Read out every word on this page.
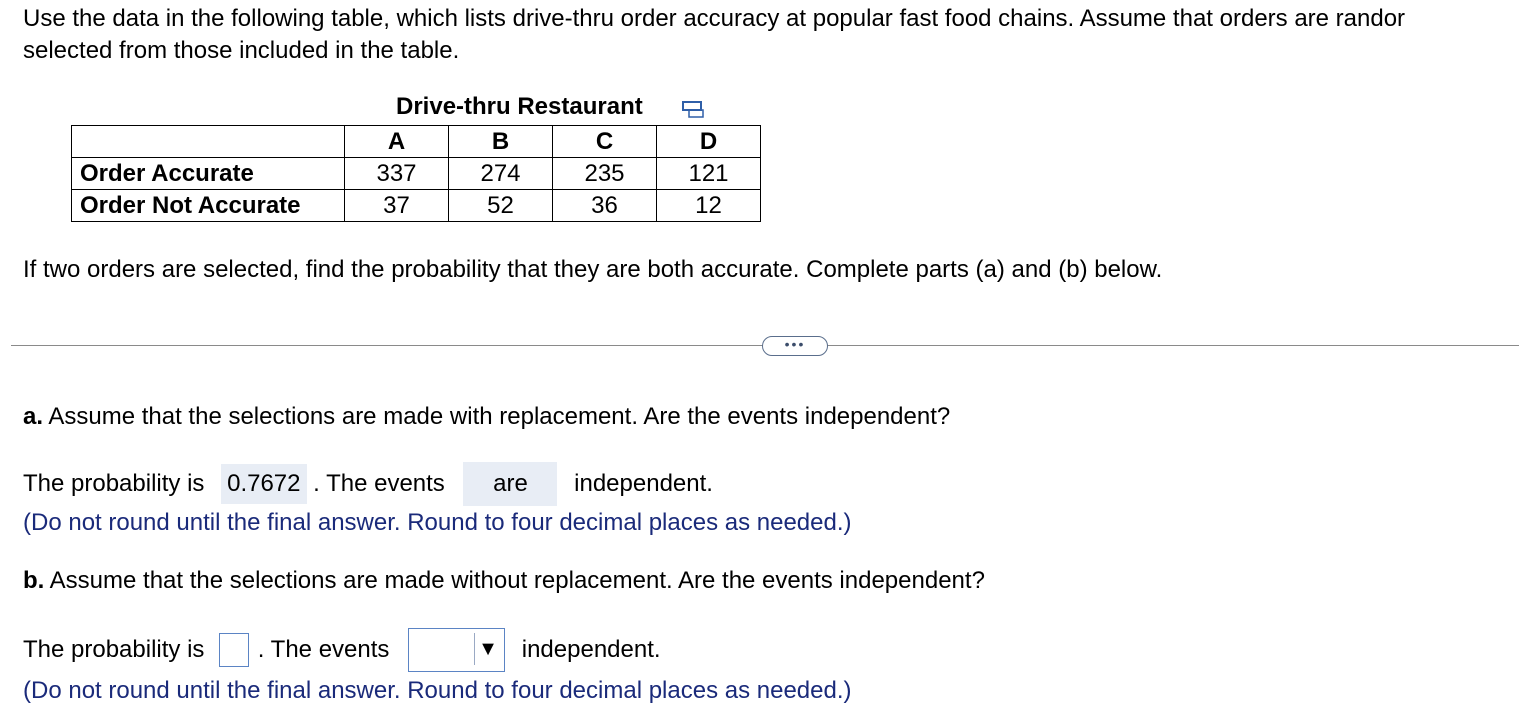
Use the data in the following table, which lists drive-thru order accuracy at popular fast food chains. Assume that orders are randor
selected from those included in the table.
Drive-thru Restaurant
	A	B	C	D
Order Accurate	337	274	235	121
Order Not Accurate	37	52	36	12
If two orders are selected, find the probability that they are both accurate. Complete parts (a) and (b) below.
•••
a. Assume that the selections are made with replacement. Are the events independent?
The probability is 0.7672 . The events are independent.
(Do not round until the final answer. Round to four decimal places as needed.)
b. Assume that the selections are made without replacement. Are the events independent?
The probability is . The events	▼ independent.
(Do not round until the final answer. Round to four decimal places as needed.)
